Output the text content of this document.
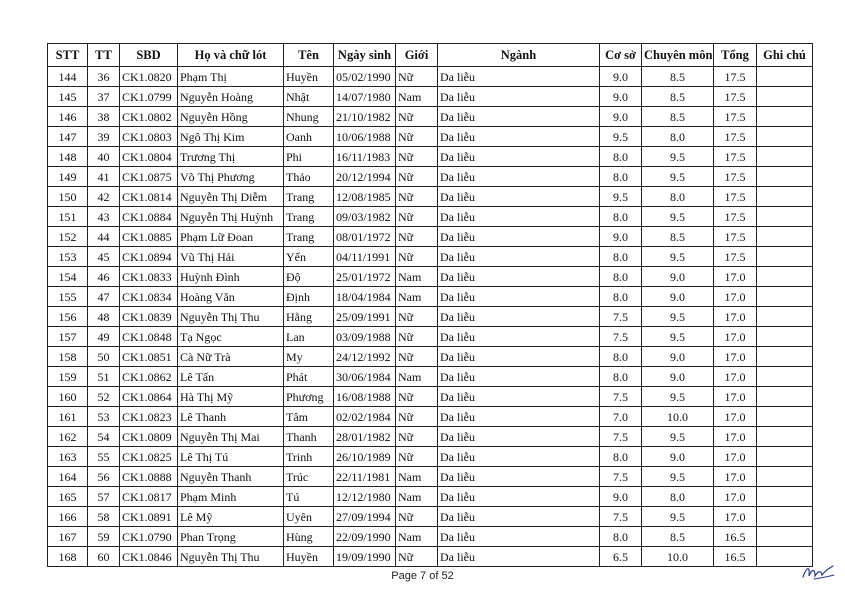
STT	TT	SBD	Họ và chữ lót	Tên	Ngày sinh	Giới	Ngành	Cơ sở	Chuyên môn	Tổng	Ghi chú
144	36	CK1.0820	Phạm Thị	Huyền	05/02/1990	Nữ	Da liễu	9.0	8.5	17.5	
145	37	CK1.0799	Nguyễn Hoàng	Nhật	14/07/1980	Nam	Da liễu	9.0	8.5	17.5	
146	38	CK1.0802	Nguyễn Hồng	Nhung	21/10/1982	Nữ	Da liễu	9.0	8.5	17.5	
147	39	CK1.0803	Ngô Thị Kim	Oanh	10/06/1988	Nữ	Da liễu	9.5	8.0	17.5	
148	40	CK1.0804	Trương Thị	Phi	16/11/1983	Nữ	Da liễu	8.0	9.5	17.5	
149	41	CK1.0875	Võ Thị Phương	Thảo	20/12/1994	Nữ	Da liễu	8.0	9.5	17.5	
150	42	CK1.0814	Nguyễn Thị Diễm	Trang	12/08/1985	Nữ	Da liễu	9.5	8.0	17.5	
151	43	CK1.0884	Nguyễn Thị Huỳnh	Trang	09/03/1982	Nữ	Da liễu	8.0	9.5	17.5	
152	44	CK1.0885	Phạm Lữ Đoan	Trang	08/01/1972	Nữ	Da liễu	9.0	8.5	17.5	
153	45	CK1.0894	Vũ Thị Hải	Yến	04/11/1991	Nữ	Da liễu	8.0	9.5	17.5	
154	46	CK1.0833	Huỳnh Đình	Độ	25/01/1972	Nam	Da liễu	8.0	9.0	17.0	
155	47	CK1.0834	Hoàng Văn	Định	18/04/1984	Nam	Da liễu	8.0	9.0	17.0	
156	48	CK1.0839	Nguyễn Thị Thu	Hằng	25/09/1991	Nữ	Da liễu	7.5	9.5	17.0	
157	49	CK1.0848	Tạ Ngọc	Lan	03/09/1988	Nữ	Da liễu	7.5	9.5	17.0	
158	50	CK1.0851	Cà Nữ Trà	My	24/12/1992	Nữ	Da liễu	8.0	9.0	17.0	
159	51	CK1.0862	Lê Tấn	Phát	30/06/1984	Nam	Da liễu	8.0	9.0	17.0	
160	52	CK1.0864	Hà Thị Mỹ	Phương	16/08/1988	Nữ	Da liễu	7.5	9.5	17.0	
161	53	CK1.0823	Lê Thanh	Tâm	02/02/1984	Nữ	Da liễu	7.0	10.0	17.0	
162	54	CK1.0809	Nguyễn Thị Mai	Thanh	28/01/1982	Nữ	Da liễu	7.5	9.5	17.0	
163	55	CK1.0825	Lê Thị Tú	Trinh	26/10/1989	Nữ	Da liễu	8.0	9.0	17.0	
164	56	CK1.0888	Nguyễn Thanh	Trúc	22/11/1981	Nam	Da liễu	7.5	9.5	17.0	
165	57	CK1.0817	Phạm Minh	Tú	12/12/1980	Nam	Da liễu	9.0	8.0	17.0	
166	58	CK1.0891	Lê Mỹ	Uyên	27/09/1994	Nữ	Da liễu	7.5	9.5	17.0	
167	59	CK1.0790	Phan Trọng	Hùng	22/09/1990	Nam	Da liễu	8.0	8.5	16.5	
168	60	CK1.0846	Nguyễn Thị Thu	Huyền	19/09/1990	Nữ	Da liễu	6.5	10.0	16.5	
Page 7 of 52
